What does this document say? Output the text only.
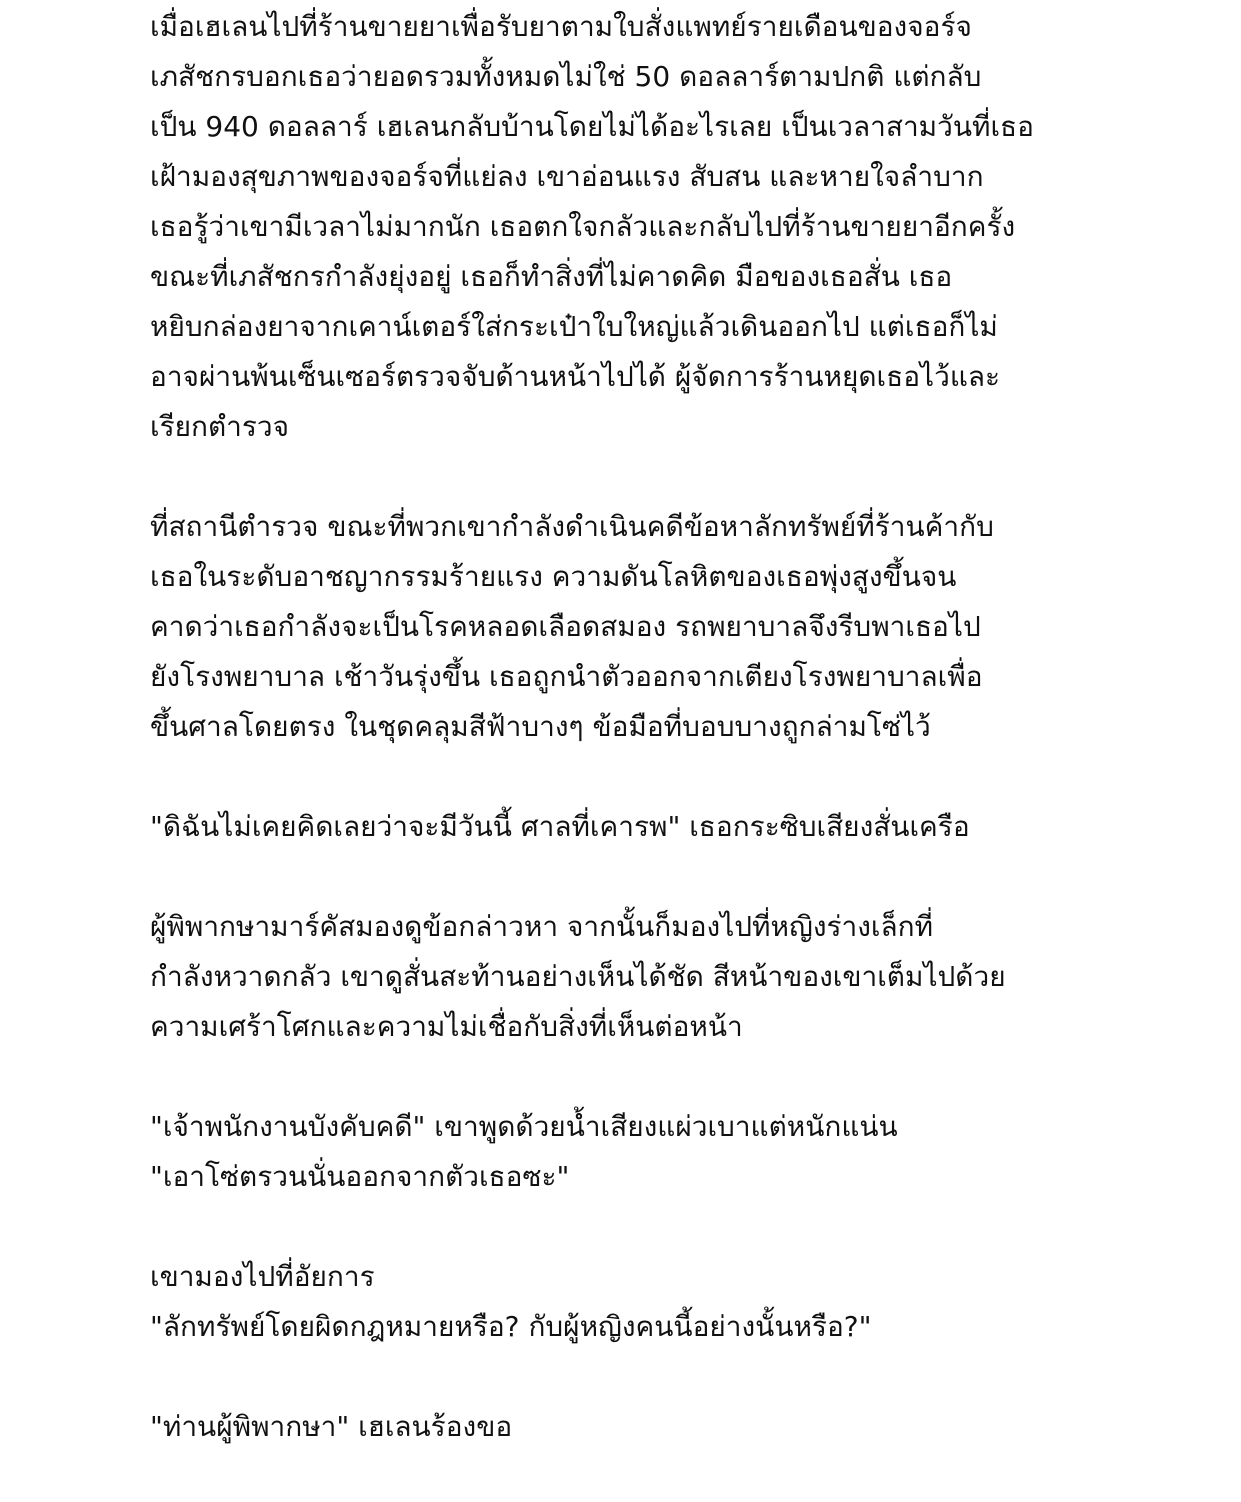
เมื่อเฮเลนไปที่ร้านขายยาเพื่อรับยาตามใบสั่งแพทย์รายเดือนของจอร์จ
เภสัชกรบอกเธอว่ายอดรวมทั้งหมดไม่ใช่ 50 ดอลลาร์ตามปกติ แต่กลับ
เป็น 940 ดอลลาร์ เฮเลนกลับบ้านโดยไม่ได้อะไรเลย เป็นเวลาสามวันที่เธอ
เฝ้ามองสุขภาพของจอร์จที่แย่ลง เขาอ่อนแรง สับสน และหายใจลำบาก
เธอรู้ว่าเขามีเวลาไม่มากนัก เธอตกใจกลัวและกลับไปที่ร้านขายยาอีกครั้ง
ขณะที่เภสัชกรกำลังยุ่งอยู่ เธอก็ทำสิ่งที่ไม่คาดคิด มือของเธอสั่น เธอ
หยิบกล่องยาจากเคาน์เตอร์ใส่กระเป๋าใบใหญ่แล้วเดินออกไป แต่เธอก็ไม่
อาจผ่านพ้นเซ็นเซอร์ตรวจจับด้านหน้าไปได้ ผู้จัดการร้านหยุดเธอไว้และ
เรียกตำรวจ

ที่สถานีตำรวจ ขณะที่พวกเขากำลังดำเนินคดีข้อหาลักทรัพย์ที่ร้านค้ากับ
เธอในระดับอาชญากรรมร้ายแรง ความดันโลหิตของเธอพุ่งสูงขึ้นจน
คาดว่าเธอกำลังจะเป็นโรคหลอดเลือดสมอง รถพยาบาลจึงรีบพาเธอไป
ยังโรงพยาบาล เช้าวันรุ่งขึ้น เธอถูกนำตัวออกจากเตียงโรงพยาบาลเพื่อ
ขึ้นศาลโดยตรง ในชุดคลุมสีฟ้าบางๆ ข้อมือที่บอบบางถูกล่ามโซ่ไว้

"ดิฉันไม่เคยคิดเลยว่าจะมีวันนี้ ศาลที่เคารพ" เธอกระซิบเสียงสั่นเครือ

ผู้พิพากษามาร์คัสมองดูข้อกล่าวหา จากนั้นก็มองไปที่หญิงร่างเล็กที่
กำลังหวาดกลัว เขาดูสั่นสะท้านอย่างเห็นได้ชัด สีหน้าของเขาเต็มไปด้วย
ความเศร้าโศกและความไม่เชื่อกับสิ่งที่เห็นต่อหน้า

"เจ้าพนักงานบังคับคดี" เขาพูดด้วยน้ำเสียงแผ่วเบาแต่หนักแน่น
"เอาโซ่ตรวนนั่นออกจากตัวเธอซะ"

เขามองไปที่อัยการ
"ลักทรัพย์โดยผิดกฎหมายหรือ? กับผู้หญิงคนนี้อย่างนั้นหรือ?"

"ท่านผู้พิพากษา" เฮเลนร้องขอ
